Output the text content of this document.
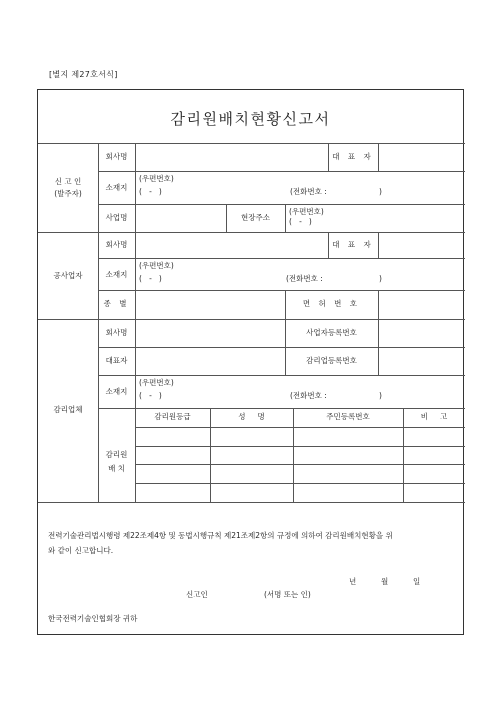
[별지 제27호서식]
감리원배치현황신고서
신 고 인
(발주자)
회사명	대 표 자
소재지
(우편번호)
(   -   )	(전화번호 :	)
사업명	현장주소
(우편번호)
(   -   )
공사업자
회사명	대 표 자
소재지
(우편번호)
(   -   )	(전화번호 :	)
종 별	면 허 번 호
감리업체
회사명	사업자등록번호
대표자	감리업등록번호
소재지
(우편번호)
(   -   )	(전화번호 :	)
감리원
배 치
감리원등급	성     명	주민등록번호	비     고
전력기술관리법시행령 제22조제4항 및 동법시행규칙 제21조제2항의 규정에 의하여 감리원배치현황을 위
와 같이 신고합니다.
년	월	일
신고인	(서명 또는 인)
한국전력기술인협회장 귀하
